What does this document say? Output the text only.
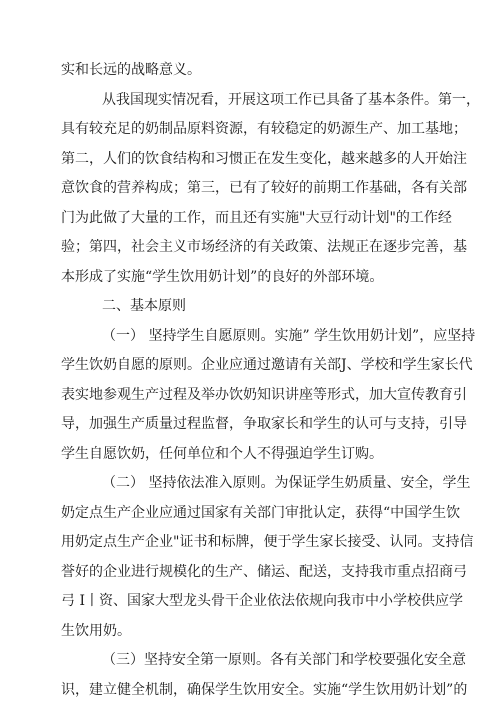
实和长远的战略意义。
从我国现实情况看，开展这项工作已具备了基本条件。第一，
具有较充足的奶制品原料资源，有较稳定的奶源生产、加工基地；
第二，人们的饮食结构和习惯正在发生变化，越来越多的人开始注
意饮食的营养构成；第三，已有了较好的前期工作基础，各有关部
门为此做了大量的工作，而且还有实施"大豆行动计划"的工作经
验；第四，社会主义市场经济的有关政策、法规正在逐步完善，基
本形成了实施“学生饮用奶计划”的良好的外部环境。
二、基本原则
（一） 坚持学生自愿原则。实施” 学生饮用奶计划”，应坚持
学生饮奶自愿的原则。企业应通过邀请有关部J、学校和学生家长代
表实地参观生产过程及举办饮奶知识讲座等形式，加大宣传教育引
导，加强生产质量过程监督，争取家长和学生的认可与支持，引导
学生自愿饮奶，任何单位和个人不得强迫学生订购。
（二） 坚持依法准入原则。为保证学生奶质量、安全，学生
奶定点生产企业应通过国家有关部门审批认定，获得“中国学生饮
用奶定点生产企业"证书和标牌，便于学生家长接受、认同。支持信
誉好的企业进行规模化的生产、储运、配送，支持我市重点招商弓
弓 I丨资、国家大型龙头骨干企业依法依规向我市中小学校供应学
生饮用奶。
（三）坚持安全第一原则。各有关部门和学校要强化安全意
识，建立健全机制，确保学生饮用安全。实施“学生饮用奶计划”的
